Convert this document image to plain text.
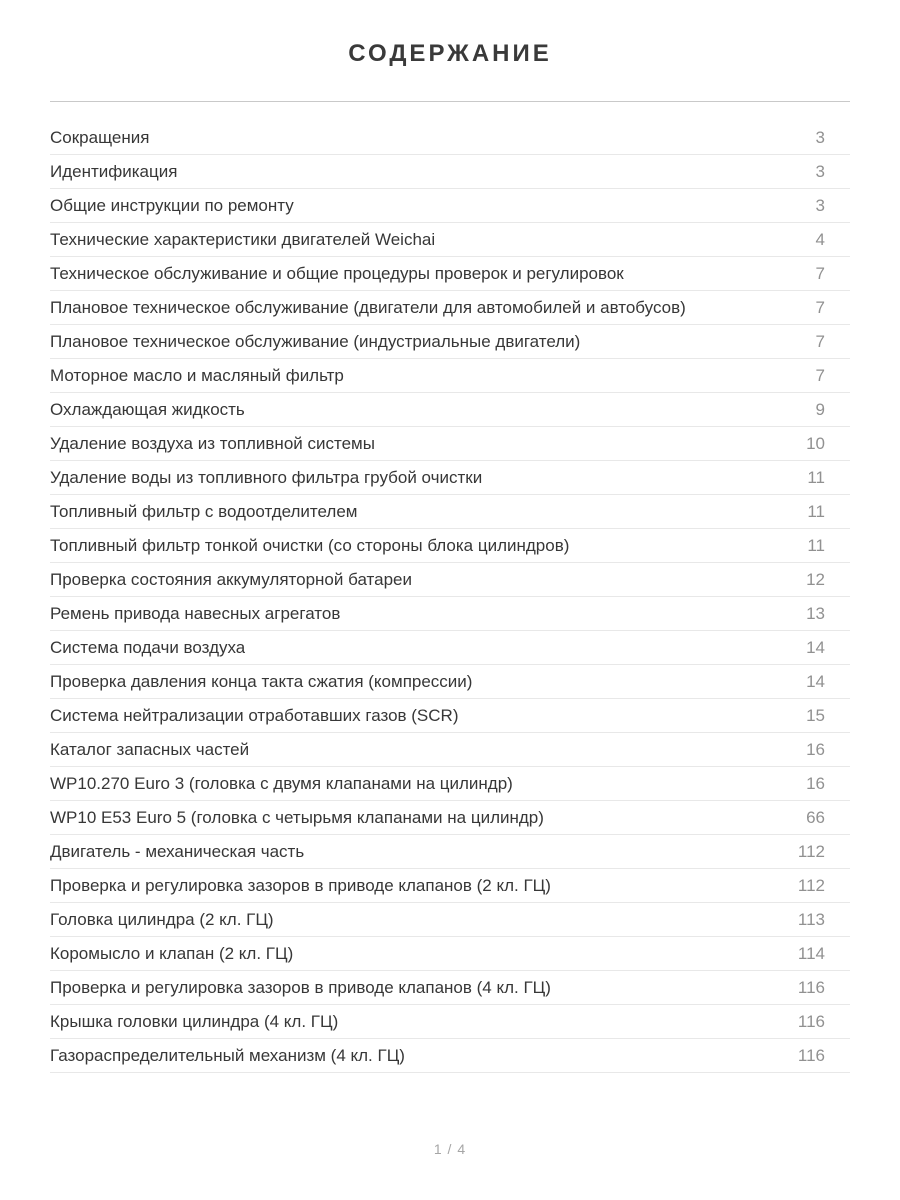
СОДЕРЖАНИЕ
Сокращения	3
Идентификация	3
Общие инструкции по ремонту	3
Технические характеристики двигателей Weichai	4
Техническое обслуживание и общие процедуры проверок и регулировок	7
Плановое техническое обслуживание (двигатели для автомобилей и автобусов)	7
Плановое техническое обслуживание (индустриальные двигатели)	7
Моторное масло и масляный фильтр	7
Охлаждающая жидкость	9
Удаление воздуха из топливной системы	10
Удаление воды из топливного фильтра грубой очистки	11
Топливный фильтр с водоотделителем	11
Топливный фильтр тонкой очистки (со стороны блока цилиндров)	11
Проверка состояния аккумуляторной батареи	12
Ремень привода навесных агрегатов	13
Система подачи воздуха	14
Проверка давления конца такта сжатия (компрессии)	14
Система нейтрализации отработавших газов (SCR)	15
Каталог запасных частей	16
WP10.270 Euro 3 (головка с двумя клапанами на цилиндр)	16
WP10 E53 Euro 5 (головка с четырьмя клапанами на цилиндр)	66
Двигатель - механическая часть	112
Проверка и регулировка зазоров в приводе клапанов (2 кл. ГЦ)	112
Головка цилиндра (2 кл. ГЦ)	113
Коромысло и клапан (2 кл. ГЦ)	114
Проверка и регулировка зазоров в приводе клапанов (4 кл. ГЦ)	116
Крышка головки цилиндра (4 кл. ГЦ)	116
Газораспределительный механизм (4 кл. ГЦ)	116
1 / 4
